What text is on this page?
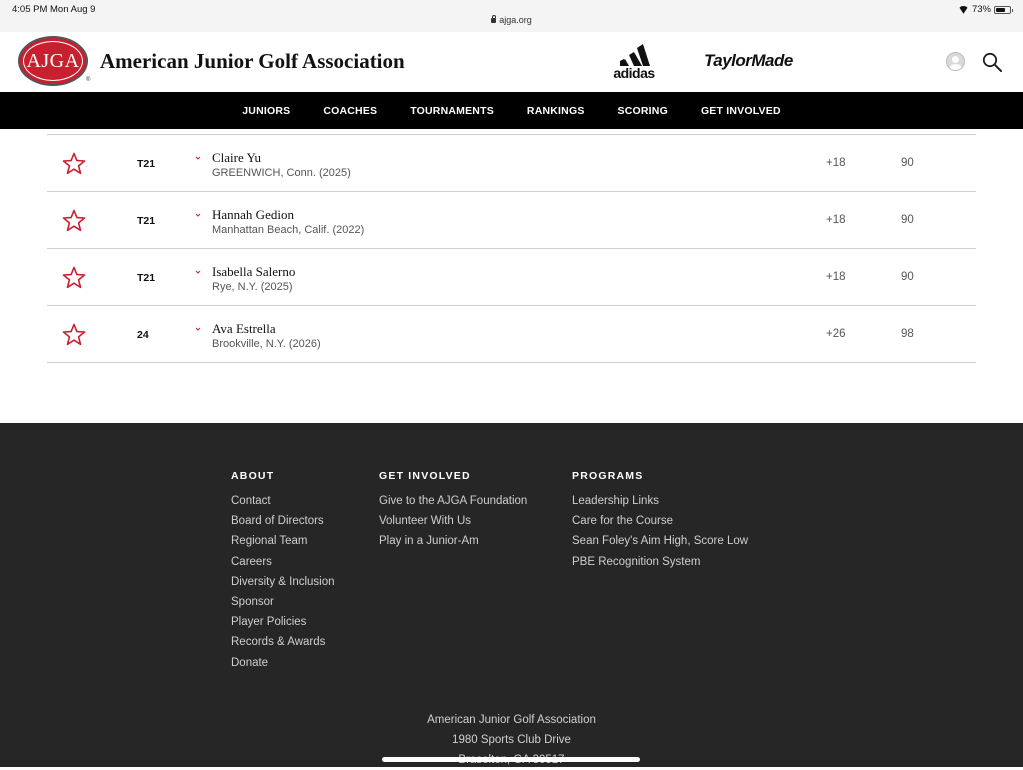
4:05 PM Mon Aug 9
ajga.org
73%
AJGA
®
American Junior Golf Association	adidas
TaylorMade
JUNIORS	COACHES	TOURNAMENTS	RANKINGS	SCORING	GET INVOLVED
T21	Claire Yu
GREENWICH, Conn. (2025)
+18	90
T21	Hannah Gedion
Manhattan Beach, Calif. (2022)
+18	90
T21	Isabella Salerno
Rye, N.Y. (2025)
+18	90
24	Ava Estrella
Brookville, N.Y. (2026)
+26	98
ABOUT
Contact
Board of Directors
Regional Team
Careers
Diversity & Inclusion
Sponsor
Player Policies
Records & Awards
Donate
GET INVOLVED
Give to the AJGA Foundation
Volunteer With Us
Play in a Junior-Am
PROGRAMS
Leadership Links
Care for the Course
Sean Foley's Aim High, Score Low
PBE Recognition System
American Junior Golf Association
1980 Sports Club Drive
